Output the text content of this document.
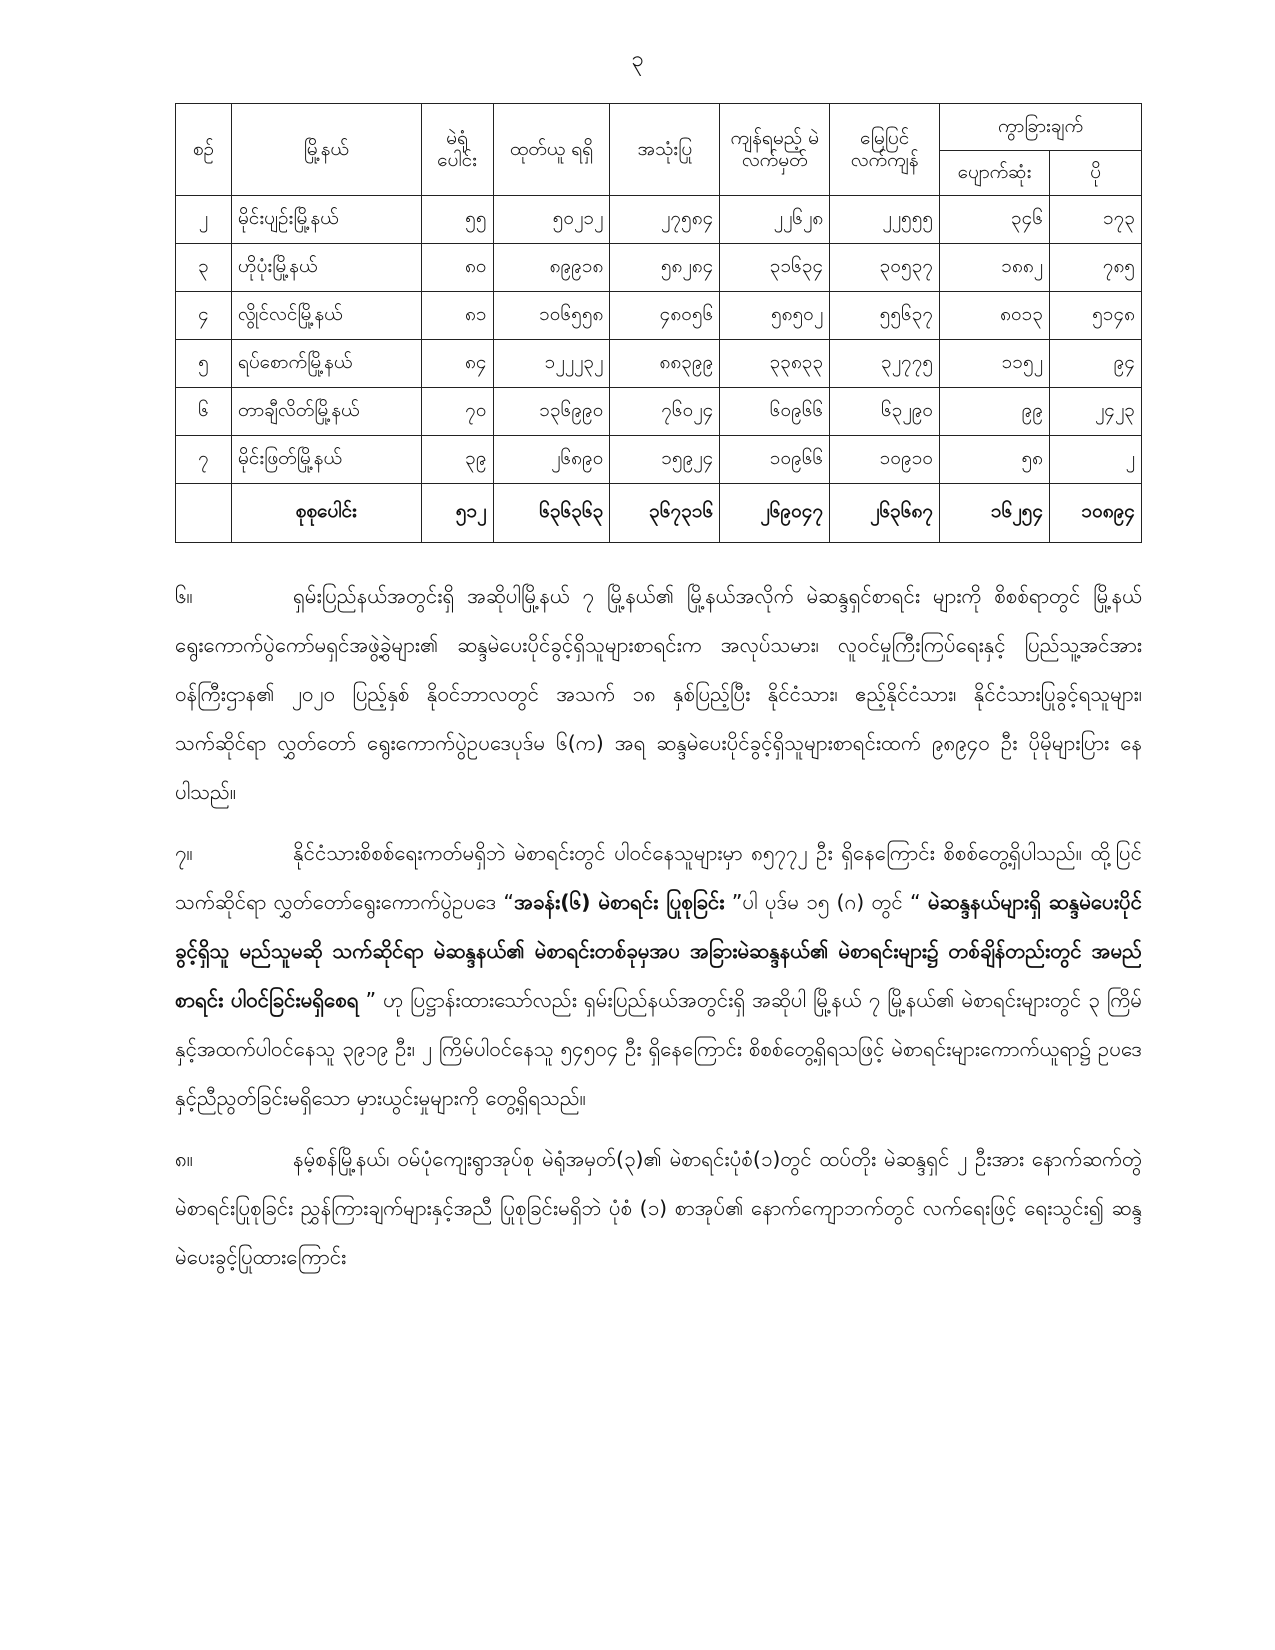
၃
စဉ်	မြို့နယ်	မဲရုံ ပေါင်း	ထုတ်ယူ ရရှိ	အသုံးပြု	ကျန်ရမည့် မဲလက်မှတ်	မြေပြင် လက်ကျန်	ကွာခြားချက်	
							ပျောက်ဆုံး	ပို
၂	မိုင်းပျဉ်းမြို့နယ်	၅၅	၅၀၂၁၂	၂၇၅၈၄	၂၂၆၂၈	၂၂၅၅၅	၃၄၆	၁၇၃
၃	ဟိုပုံးမြို့နယ်	၈၀	၈၉၉၁၈	၅၈၂၈၄	၃၁၆၃၄	၃၀၅၃၇	၁၈၈၂	၇၈၅
၄	လွိုင်လင်မြို့နယ်	၈၁	၁၀၆၅၅၈	၄၈၀၅၆	၅၈၅၀၂	၅၅၆၃၇	၈၀၁၃	၅၁၄၈
၅	ရပ်စောက်မြို့နယ်	၈၄	၁၂၂၂၃၂	၈၈၃၉၉	၃၃၈၃၃	၃၂၇၇၅	၁၁၅၂	၉၄
၆	တာချီလိတ်မြို့နယ်	၇၀	၁၃၆၉၉၀	၇၆၀၂၄	၆၀၉၆၆	၆၃၂၉၀	၉၉	၂၄၂၃
၇	မိုင်းဖြတ်မြို့နယ်	၃၉	၂၆၈၉၀	၁၅၉၂၄	၁၀၉၆၆	၁၀၉၁၀	၅၈	၂
	စုစုပေါင်း	၅၁၂	၆၃၆၃၆၃	၃၆၇၃၁၆	၂၆၉၀၄၇	၂၆၃၆၈၇	၁၆၂၅၄	၁၀၈၉၄

၆။	ရှမ်းပြည်နယ်အတွင်းရှိ အဆိုပါမြို့နယ် ၇ မြို့နယ်၏ မြို့နယ်အလိုက် မဲဆန္ဒရှင်စာရင်း များကို စိစစ်ရာတွင် မြို့နယ်ရွေးကောက်ပွဲကော်မရှင်အဖွဲ့ခွဲများ၏ ဆန္ဒမဲပေးပိုင်ခွင့်ရှိသူများစာရင်းက အလုပ်သမား၊ လူဝင်မှုကြီးကြပ်ရေးနှင့် ပြည်သူ့အင်အားဝန်ကြီးဌာန၏ ၂၀၂၀ ပြည့်နှစ် နိုဝင်ဘာလတွင် အသက် ၁၈ နှစ်ပြည့်ပြီး နိုင်ငံသား၊ ဧည့်နိုင်ငံသား၊ နိုင်ငံသားပြုခွင့်ရသူများ၊ သက်ဆိုင်ရာ လွှတ်တော် ရွေးကောက်ပွဲဥပဒေပုဒ်မ ၆(က) အရ ဆန္ဒမဲပေးပိုင်ခွင့်ရှိသူများစာရင်းထက် ၉၈၉၄၀ ဦး ပိုမိုများပြား နေပါသည်။

၇။	နိုင်ငံသားစိစစ်ရေးကတ်မရှိဘဲ မဲစာရင်းတွင် ပါဝင်နေသူများမှာ ၈၅၇၇၂ ဦး ရှိနေကြောင်း စိစစ်တွေ့ရှိပါသည်။ ထို့ပြင် သက်ဆိုင်ရာ လွှတ်တော်ရွေးကောက်ပွဲဥပဒေ “အခန်း(၆) မဲစာရင်း ပြုစုခြင်း ”ပါ ပုဒ်မ ၁၅ (ဂ) တွင် “ မဲဆန္ဒနယ်များရှိ ဆန္ဒမဲပေးပိုင်ခွင့်ရှိသူ မည်သူမဆို သက်ဆိုင်ရာ မဲဆန္ဒနယ်၏ မဲစာရင်းတစ်ခုမှအပ အခြားမဲဆန္ဒနယ်၏ မဲစာရင်းများ၌ တစ်ချိန်တည်းတွင် အမည် စာရင်း ပါဝင်ခြင်းမရှိစေရ ” ဟု ပြဋ္ဌာန်းထားသော်လည်း ရှမ်းပြည်နယ်အတွင်းရှိ အဆိုပါ မြို့နယ် ၇ မြို့နယ်၏ မဲစာရင်းများတွင် ၃ ကြိမ်နှင့်အထက်ပါဝင်နေသူ ၃၉၁၉ ဦး၊ ၂ ကြိမ်ပါဝင်နေသူ ၅၄၅၀၄ ဦး ရှိနေကြောင်း စိစစ်တွေ့ရှိရသဖြင့် မဲစာရင်းများကောက်ယူရာ၌ ဥပဒေနှင့်ညီညွတ်ခြင်းမရှိသော မှားယွင်းမှုများကို တွေ့ရှိရသည်။

၈။	နမ့်စန်မြို့နယ်၊ ဝမ်ပုံကျေးရွာအုပ်စု မဲရုံအမှတ်(၃)၏ မဲစာရင်းပုံစံ(၁)တွင် ထပ်တိုး မဲဆန္ဒရှင် ၂ ဦးအား နောက်ဆက်တွဲ မဲစာရင်းပြုစုခြင်း ညွှန်ကြားချက်များနှင့်အညီ ပြုစုခြင်းမရှိဘဲ ပုံစံ (၁) စာအုပ်၏ နောက်ကျောဘက်တွင် လက်ရေးဖြင့် ရေးသွင်း၍ ဆန္ဒမဲပေးခွင့်ပြုထားကြောင်း
